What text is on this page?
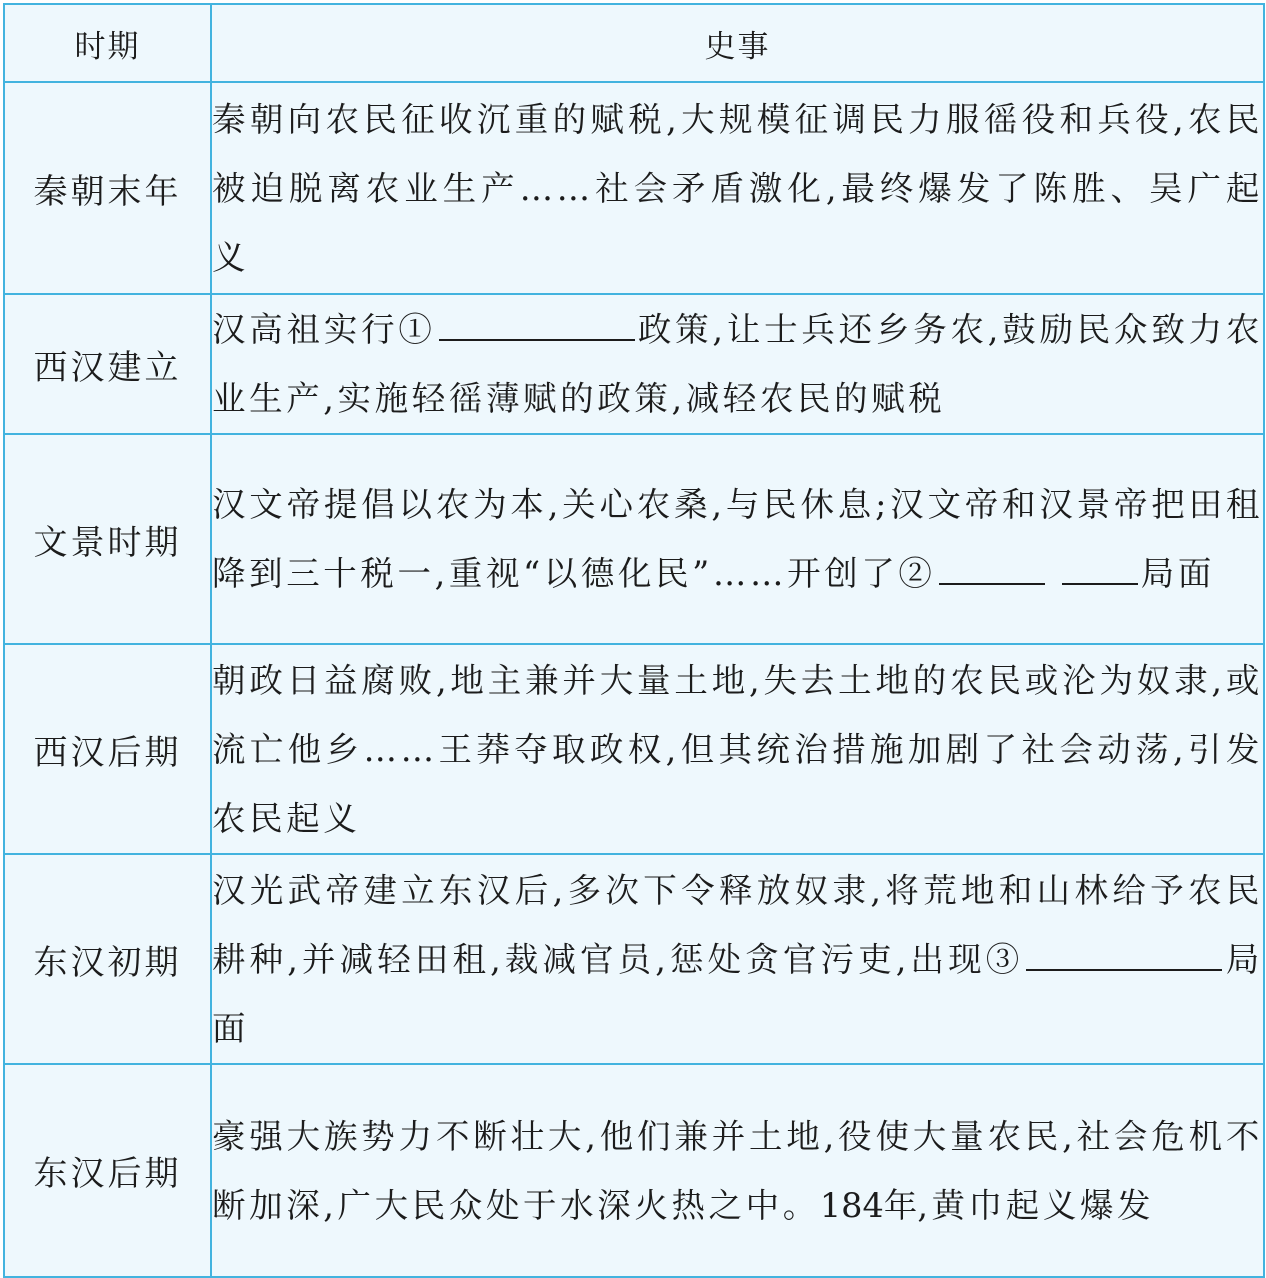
时期	史事
秦朝末年	秦朝向农民征收沉重的赋税,大规模征调民力服徭役和兵役,农民被迫脱离农业生产……社会矛盾激化,最终爆发了陈胜、吴广起义

西汉建立	汉高祖实行① 政策,让士兵还乡务农,鼓励民众致力农业生产,实施轻徭薄赋的政策,减轻农民的赋税

文景时期	汉文帝提倡以农为本,关心农桑,与民休息;汉文帝和汉景帝把田租降到三十税一,重视“以德化民”……开创了② 局面

西汉后期	朝政日益腐败,地主兼并大量土地,失去土地的农民或沦为奴隶,或流亡他乡……王莽夺取政权,但其统治措施加剧了社会动荡,引发农民起义

东汉初期	汉光武帝建立东汉后,多次下令释放奴隶,将荒地和山林给予农民耕种,并减轻田租,裁减官员,惩处贪官污吏,出现③ 局面

东汉后期	豪强大族势力不断壮大,他们兼并土地,役使大量农民,社会危机不断加深,广大民众处于水深火热之中。184年,黄巾起义爆发
